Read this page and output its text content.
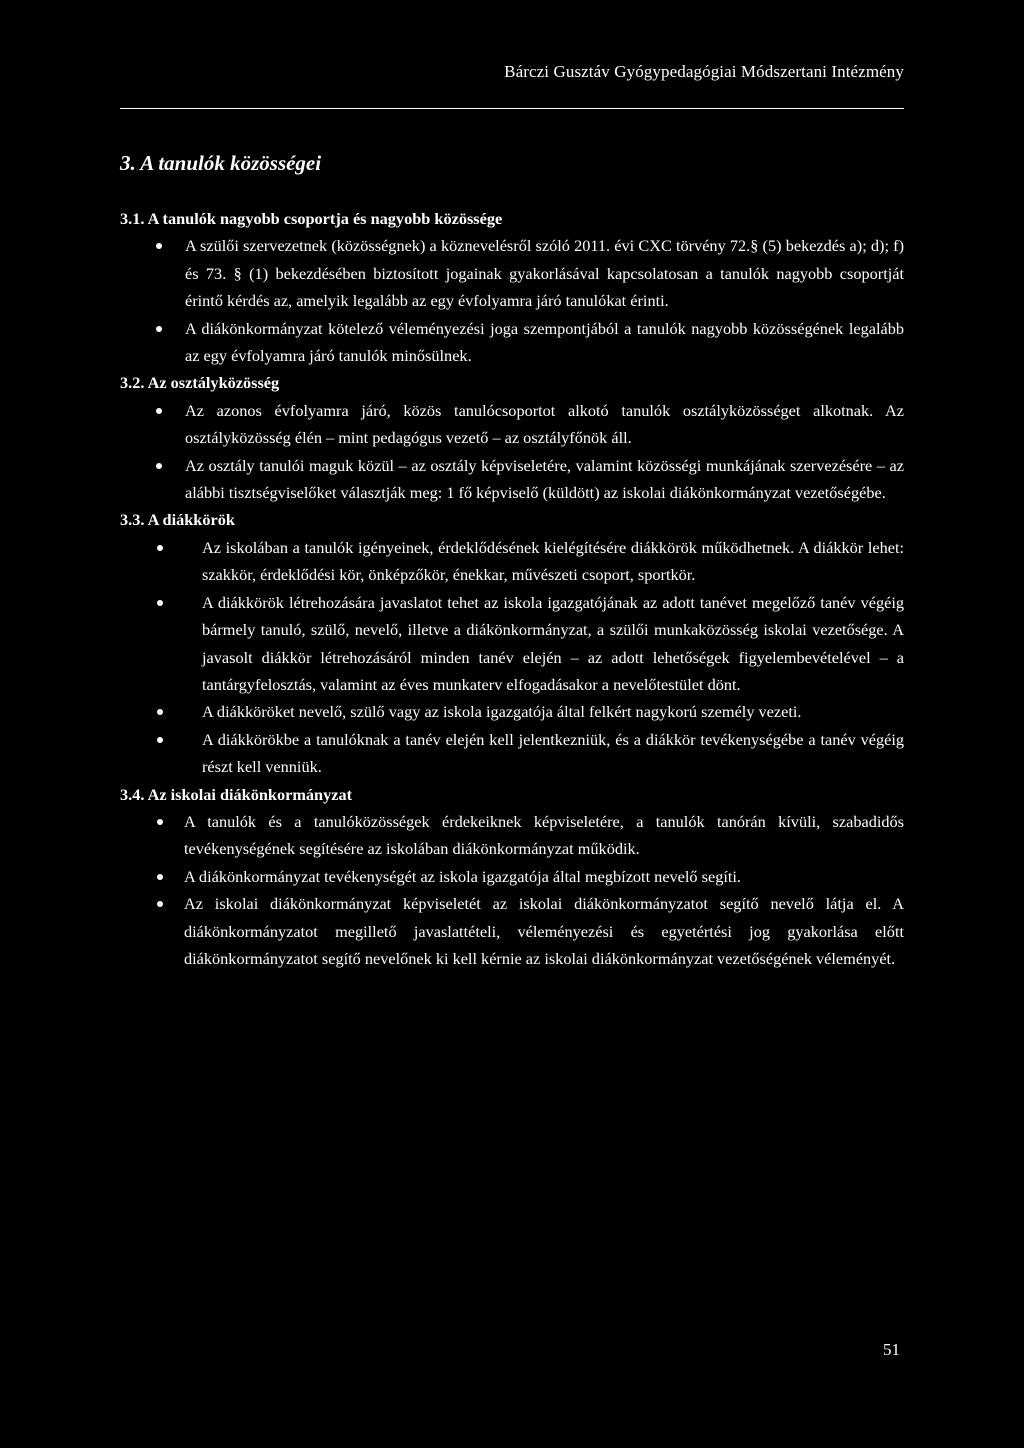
Bárczi Gusztáv Gyógypedagógiai Módszertani Intézmény
3. A tanulók közösségei

3.1. A tanulók nagyobb csoportja és nagyobb közössége

A szülői szervezetnek (közösségnek) a köznevelésről szóló 2011. évi CXC törvény 72.§ (5) bekezdés a); d); f) és 73. § (1) bekezdésében biztosított jogainak gyakorlásával kapcsolatosan a tanulók nagyobb csoportját érintő kérdés az, amelyik legalább az egy évfolyamra járó tanulókat érinti.
A diákönkormányzat kötelező véleményezési joga szempontjából a tanulók nagyobb közösségének legalább az egy évfolyamra járó tanulók minősülnek.

3.2. Az osztályközösség

Az azonos évfolyamra járó, közös tanulócsoportot alkotó tanulók osztályközösséget alkotnak. Az osztályközösség élén – mint pedagógus vezető – az osztályfőnök áll.
Az osztály tanulói maguk közül – az osztály képviseletére, valamint közösségi munkájának szervezésére – az alábbi tisztségviselőket választják meg: 1 fő képviselő (küldött) az iskolai diákönkormányzat vezetőségébe.

3.3. A diákkörök

Az iskolában a tanulók igényeinek, érdeklődésének kielégítésére diákkörök működhetnek. A diákkör lehet: szakkör, érdeklődési kör, önképzőkör, énekkar, művészeti csoport, sportkör.
A diákkörök létrehozására javaslatot tehet az iskola igazgatójának az adott tanévet megelőző tanév végéig bármely tanuló, szülő, nevelő, illetve a diákönkormányzat, a szülői munkaközösség iskolai vezetősége. A javasolt diákkör létrehozásáról minden tanév elején – az adott lehetőségek figyelembevételével – a tantárgyfelosztás, valamint az éves munkaterv elfogadásakor a nevelőtestület dönt.
A diákköröket nevelő, szülő vagy az iskola igazgatója által felkért nagykorú személy vezeti.
A diákkörökbe a tanulóknak a tanév elején kell jelentkezniük, és a diákkör tevékenységébe a tanév végéig részt kell venniük.

3.4. Az iskolai diákönkormányzat

A tanulók és a tanulóközösségek érdekeiknek képviseletére, a tanulók tanórán kívüli, szabadidős tevékenységének segítésére az iskolában diákönkormányzat működik.
A diákönkormányzat tevékenységét az iskola igazgatója által megbízott nevelő segíti.
Az iskolai diákönkormányzat képviseletét az iskolai diákönkormányzatot segítő nevelő látja el. A diákönkormányzatot megillető javaslattételi, véleményezési és egyetértési jog gyakorlása előtt diákönkormányzatot segítő nevelőnek ki kell kérnie az iskolai diákönkormányzat vezetőségének véleményét.
51
